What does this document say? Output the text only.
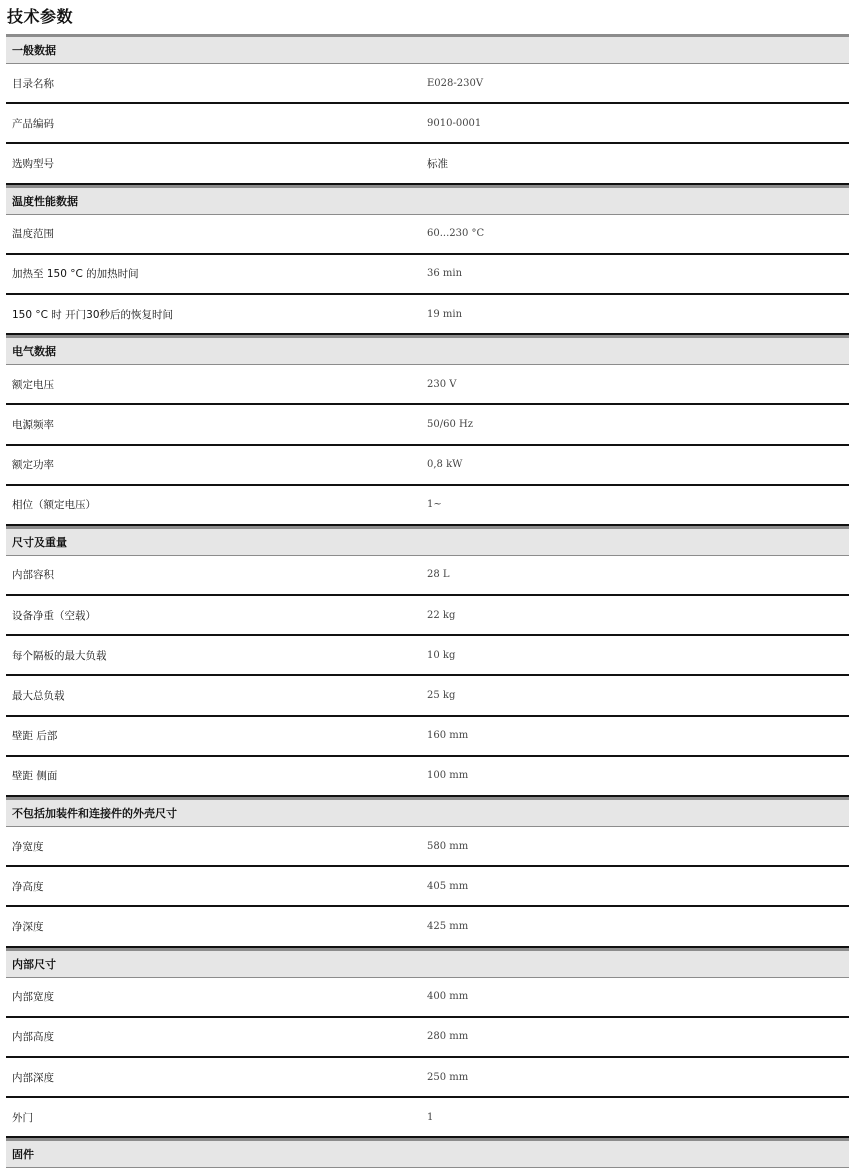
技术参数
一般数据
目录名称	E028-230V
产品编码	9010-0001
选购型号	标准
温度性能数据
温度范围	60...230 °C
加热至 150 °C 的加热时间	36 min
150 °C 时 开门30秒后的恢复时间	19 min
电气数据
额定电压	230 V
电源频率	50/60 Hz
额定功率	0,8 kW
相位（额定电压）	1~
尺寸及重量
内部容积	28 L
设备净重（空载）	22 kg
每个隔板的最大负载	10 kg
最大总负载	25 kg
壁距 后部	160 mm
壁距 侧面	100 mm
不包括加装件和连接件的外壳尺寸
净宽度	580 mm
净高度	405 mm
净深度	425 mm
内部尺寸
内部宽度	400 mm
内部高度	280 mm
内部深度	250 mm
外门	1
固件
